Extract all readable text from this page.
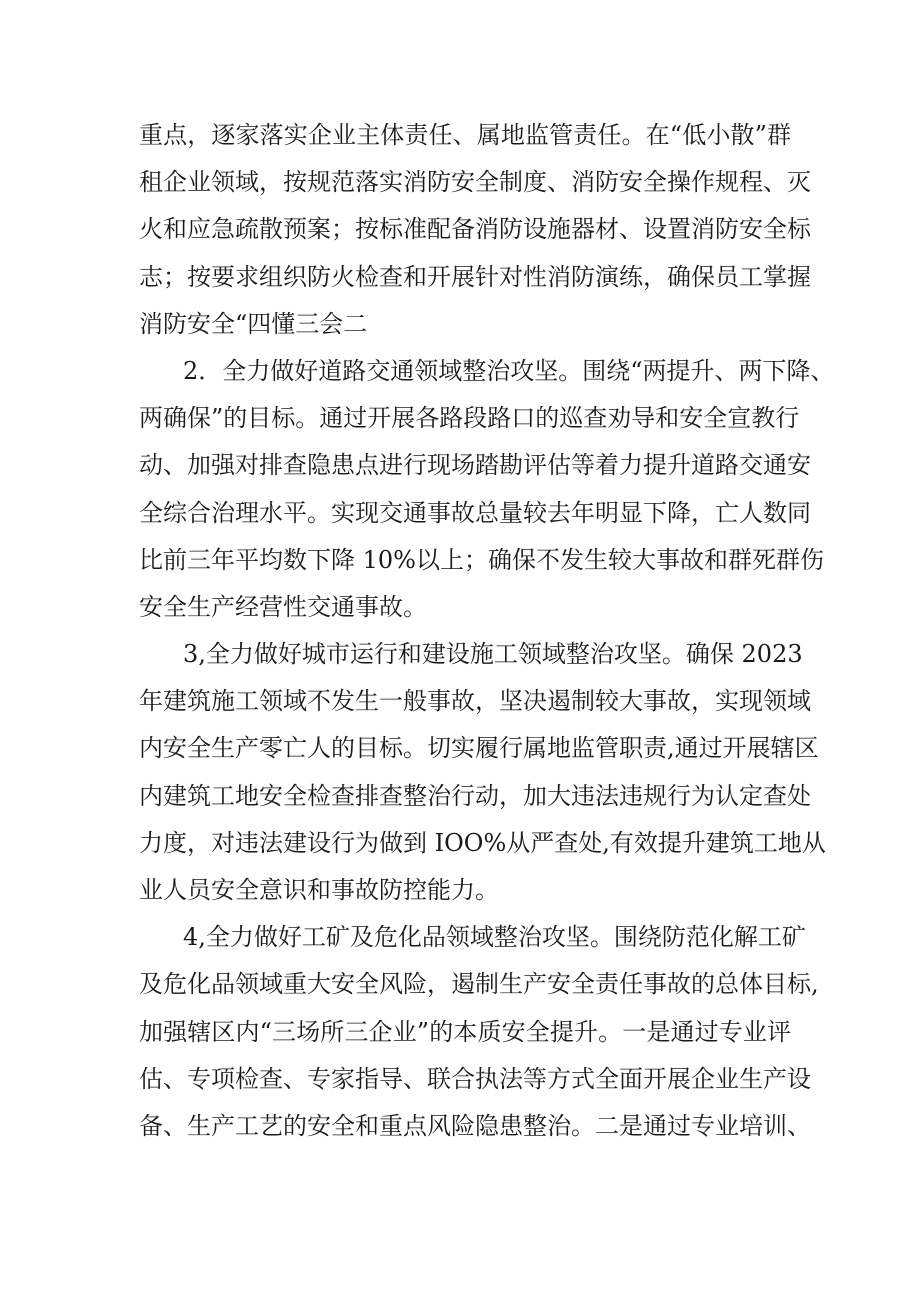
重点，逐家落实企业主体责任、属地监管责任。在“低小散”群
租企业领域，按规范落实消防安全制度、消防安全操作规程、灭
火和应急疏散预案；按标准配备消防设施器材、设置消防安全标
志；按要求组织防火检查和开展针对性消防演练，确保员工掌握
消防安全“四懂三会二
2．全力做好道路交通领域整治攻坚。围绕“两提升、两下降、
两确保”的目标。通过开展各路段路口的巡查劝导和安全宣教行
动、加强对排查隐患点进行现场踏勘评估等着力提升道路交通安
全综合治理水平。实现交通事故总量较去年明显下降，亡人数同
比前三年平均数下降 10%以上；确保不发生较大事故和群死群伤
安全生产经营性交通事故。
3,全力做好城市运行和建设施工领域整治攻坚。确保 2023
年建筑施工领域不发生一般事故，坚决遏制较大事故，实现领域
内安全生产零亡人的目标。切实履行属地监管职责,通过开展辖区
内建筑工地安全检查排查整治行动，加大违法违规行为认定查处
力度，对违法建设行为做到 IOO%从严查处,有效提升建筑工地从
业人员安全意识和事故防控能力。
4,全力做好工矿及危化品领域整治攻坚。围绕防范化解工矿
及危化品领域重大安全风险，遏制生产安全责任事故的总体目标,
加强辖区内“三场所三企业”的本质安全提升。一是通过专业评
估、专项检查、专家指导、联合执法等方式全面开展企业生产设
备、生产工艺的安全和重点风险隐患整治。二是通过专业培训、
